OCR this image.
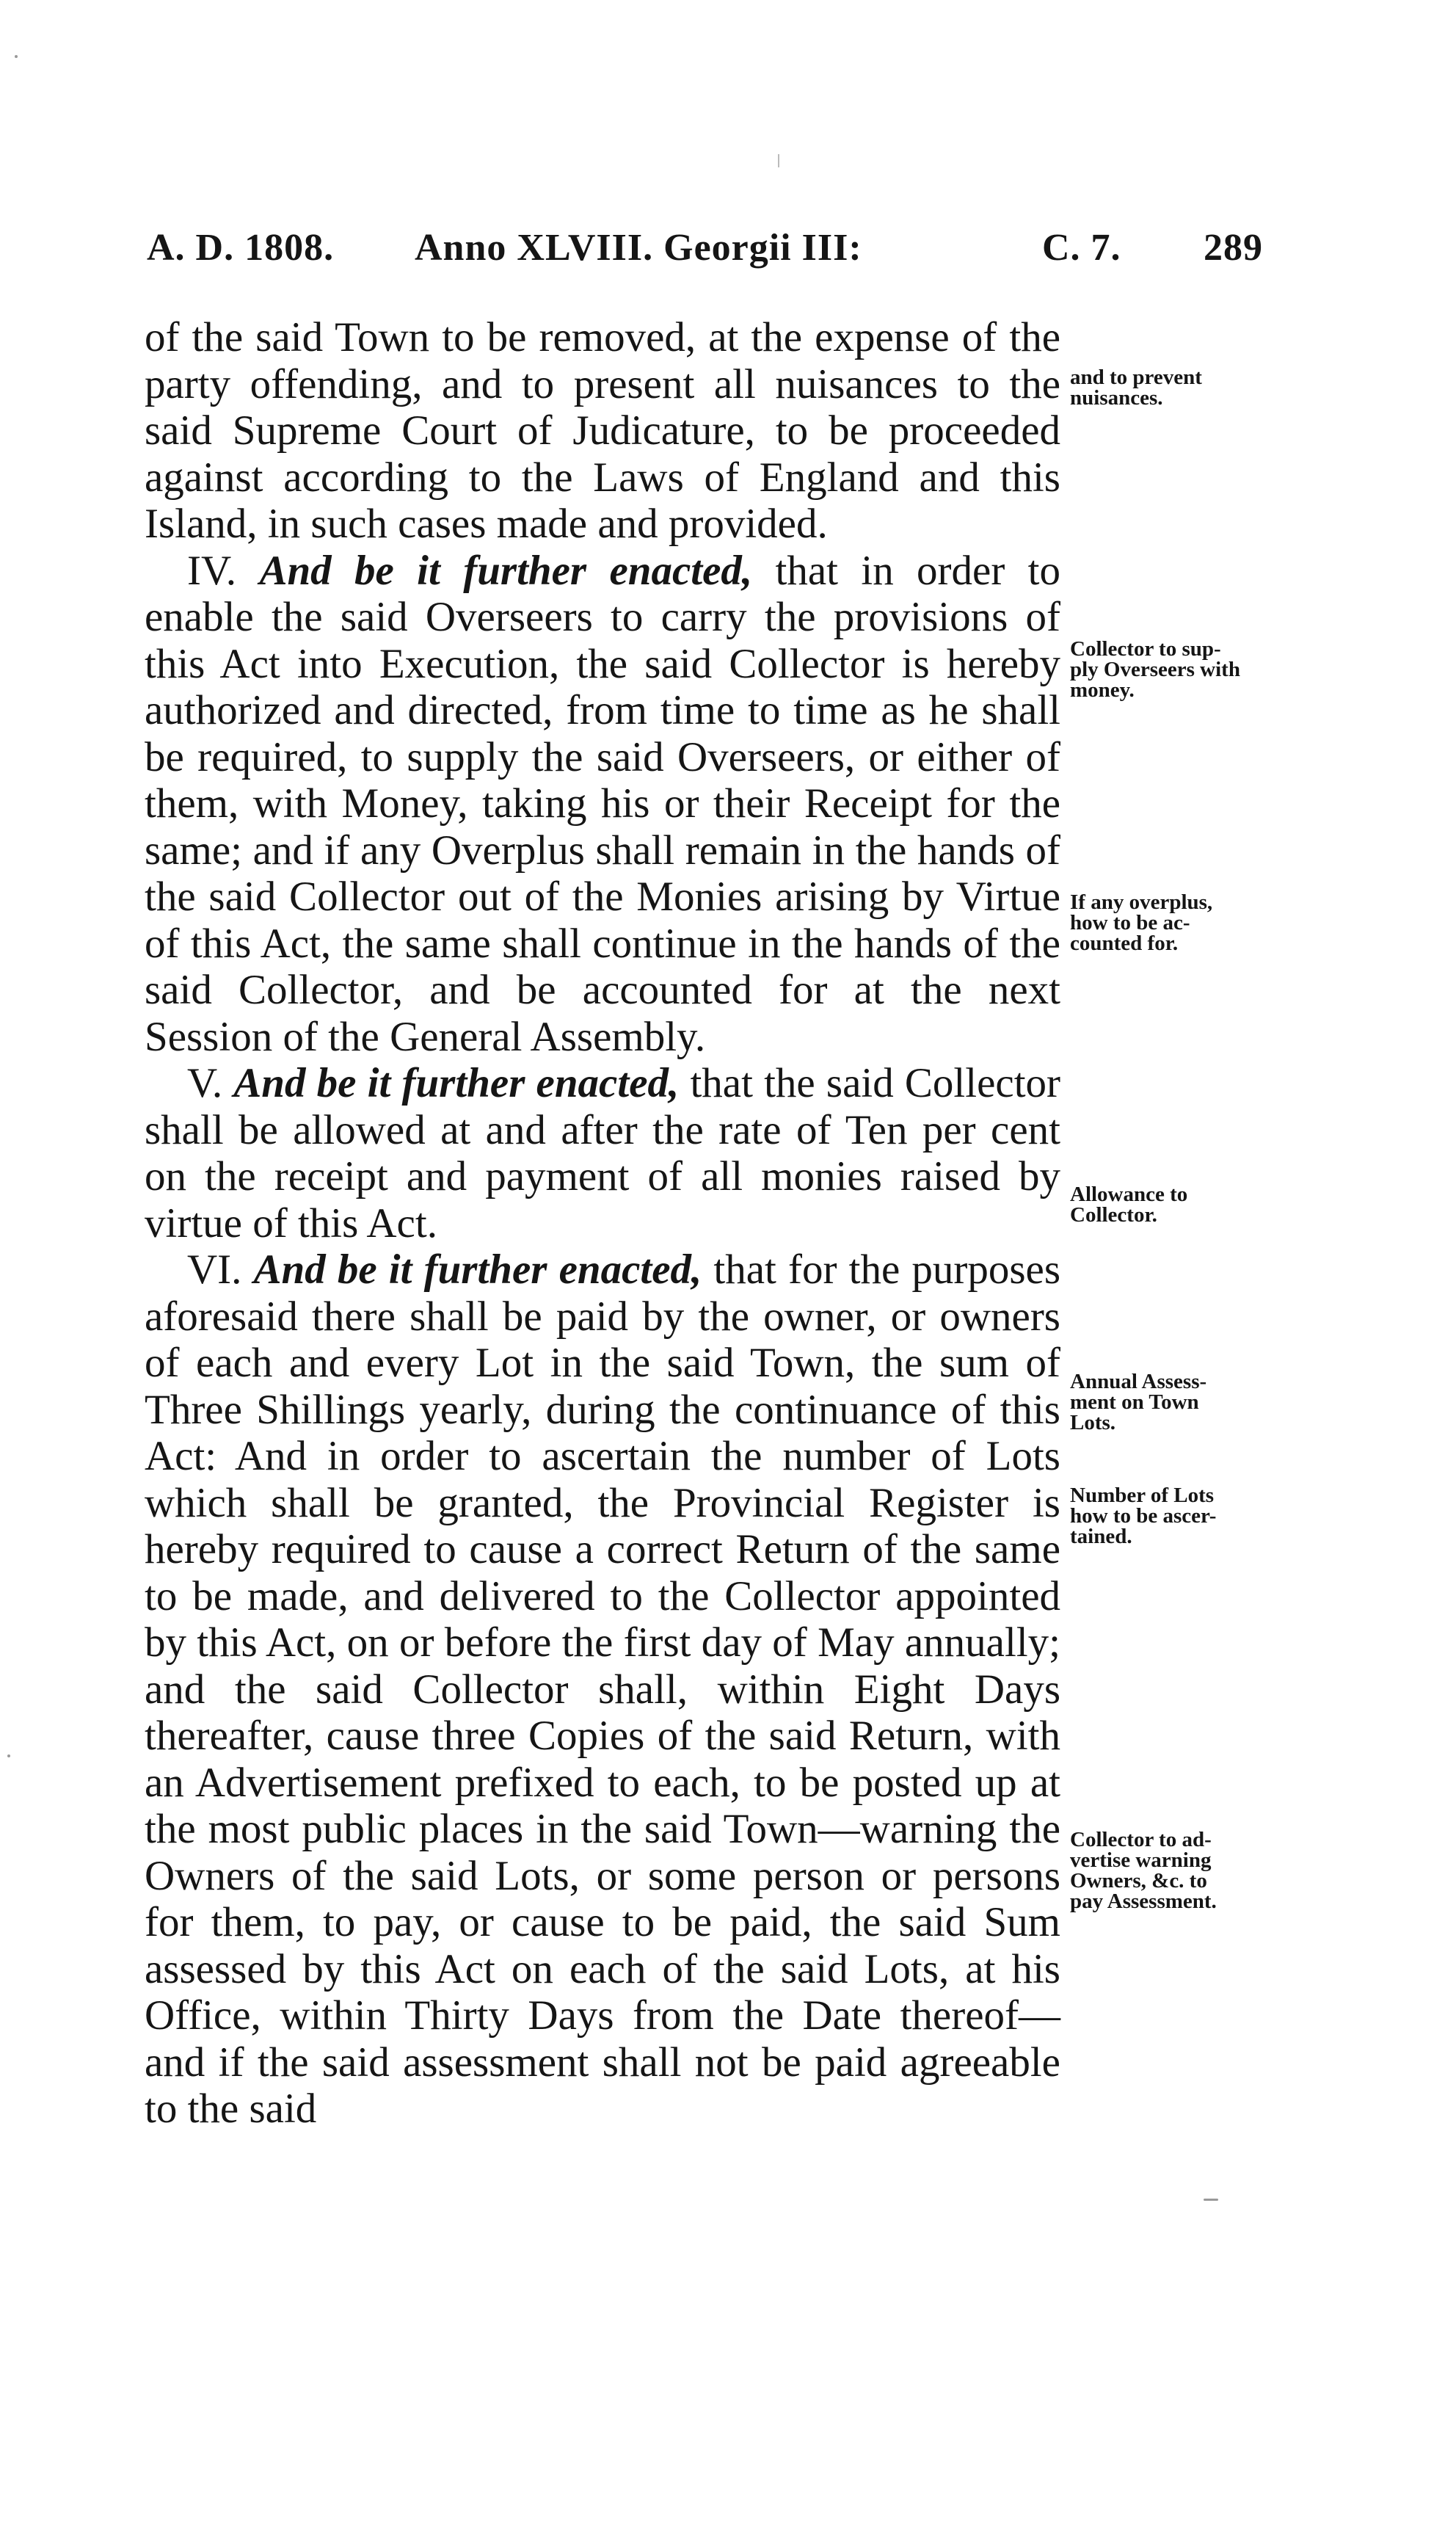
A. D. 1808. Anno XLVIII. Georgii III:	C. 7. 289

of the said Town to be removed, at the expense of the party offending, and to present all nuisances to the said Supreme Court of Judicature, to be proceeded against according to the Laws of England and this Island, in such cases made and provided.

IV. And be it further enacted, that in order to enable the said Overseers to carry the provisions of this Act into Execution, the said Collector is hereby authorized and directed, from time to time as he shall be required, to supply the said Overseers, or either of them, with Money, taking his or their Receipt for the same; and if any Overplus shall remain in the hands of the said Collector out of the Monies arising by Virtue of this Act, the same shall continue in the hands of the said Collector, and be accounted for at the next Session of the General Assembly.

V. And be it further enacted, that the said Collector shall be allowed at and after the rate of Ten per cent on the receipt and payment of all monies raised by virtue of this Act.

VI. And be it further enacted, that for the purposes aforesaid there shall be paid by the owner, or owners of each and every Lot in the said Town, the sum of Three Shillings yearly, during the continuance of this Act: And in order to ascertain the number of Lots which shall be granted, the Provincial Register is hereby required to cause a correct Return of the same to be made, and delivered to the Collector appointed by this Act, on or before the first day of May annually; and the said Collector shall, within Eight Days thereafter, cause three Copies of the said Return, with an Advertisement prefixed to each, to be posted up at the most public places in the said Town—warning the Owners of the said Lots, or some person or persons for them, to pay, or cause to be paid, the said Sum assessed by this Act on each of the said Lots, at his Office, within Thirty Days from the Date thereof—and if the said assessment shall not be paid agreeable to the said

and to prevent
nuisances.
Collector to sup-
ply Overseers with
money.
If any overplus,
how to be ac-
counted for.
Allowance to
Collector.
Annual Assess-
ment on Town
Lots.
Number of Lots
how to be ascer-
tained.
Collector to ad-
vertise warning
Owners, &c. to
pay Assessment.
